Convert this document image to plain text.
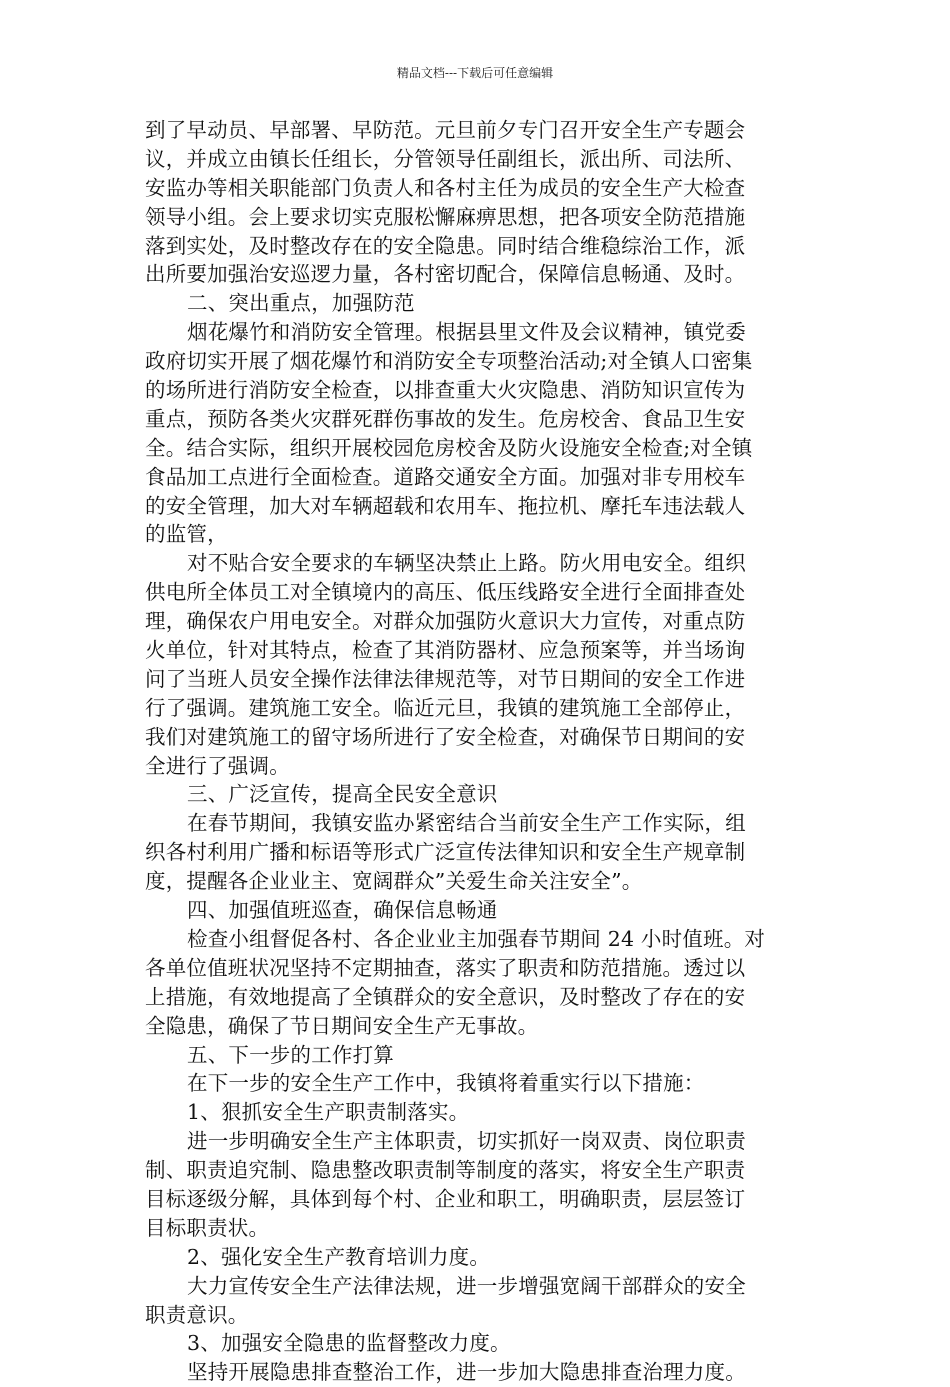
精品文档---下载后可任意编辑
到了早动员、早部署、早防范。元旦前夕专门召开安全生产专题会
议，并成立由镇长任组长，分管领导任副组长，派出所、司法所、
安监办等相关职能部门负责人和各村主任为成员的安全生产大检查
领导小组。会上要求切实克服松懈麻痹思想，把各项安全防范措施
落到实处，及时整改存在的安全隐患。同时结合维稳综治工作，派
出所要加强治安巡逻力量，各村密切配合，保障信息畅通、及时。
二、突出重点，加强防范
烟花爆竹和消防安全管理。根据县里文件及会议精神，镇党委
政府切实开展了烟花爆竹和消防安全专项整治活动;对全镇人口密集
的场所进行消防安全检查，以排查重大火灾隐患、消防知识宣传为
重点，预防各类火灾群死群伤事故的发生。危房校舍、食品卫生安
全。结合实际，组织开展校园危房校舍及防火设施安全检查;对全镇
食品加工点进行全面检查。道路交通安全方面。加强对非专用校车
的安全管理，加大对车辆超载和农用车、拖拉机、摩托车违法载人
的监管，
对不贴合安全要求的车辆坚决禁止上路。防火用电安全。组织
供电所全体员工对全镇境内的高压、低压线路安全进行全面排查处
理，确保农户用电安全。对群众加强防火意识大力宣传，对重点防
火单位，针对其特点，检查了其消防器材、应急预案等，并当场询
问了当班人员安全操作法律法律规范等，对节日期间的安全工作进
行了强调。建筑施工安全。临近元旦，我镇的建筑施工全部停止，
我们对建筑施工的留守场所进行了安全检查，对确保节日期间的安
全进行了强调。
三、广泛宣传，提高全民安全意识
在春节期间，我镇安监办紧密结合当前安全生产工作实际，组
织各村利用广播和标语等形式广泛宣传法律知识和安全生产规章制
度，提醒各企业业主、宽阔群众”关爱生命关注安全”。
四、加强值班巡查，确保信息畅通
检查小组督促各村、各企业业主加强春节期间 24 小时值班。对
各单位值班状况坚持不定期抽查，落实了职责和防范措施。透过以
上措施，有效地提高了全镇群众的安全意识，及时整改了存在的安
全隐患，确保了节日期间安全生产无事故。
五、下一步的工作打算
在下一步的安全生产工作中，我镇将着重实行以下措施：
1、狠抓安全生产职责制落实。
进一步明确安全生产主体职责，切实抓好一岗双责、岗位职责
制、职责追究制、隐患整改职责制等制度的落实，将安全生产职责
目标逐级分解，具体到每个村、企业和职工，明确职责，层层签订
目标职责状。
2、强化安全生产教育培训力度。
大力宣传安全生产法律法规，进一步增强宽阔干部群众的安全
职责意识。
3、加强安全隐患的监督整改力度。
坚持开展隐患排查整治工作，进一步加大隐患排查治理力度。
